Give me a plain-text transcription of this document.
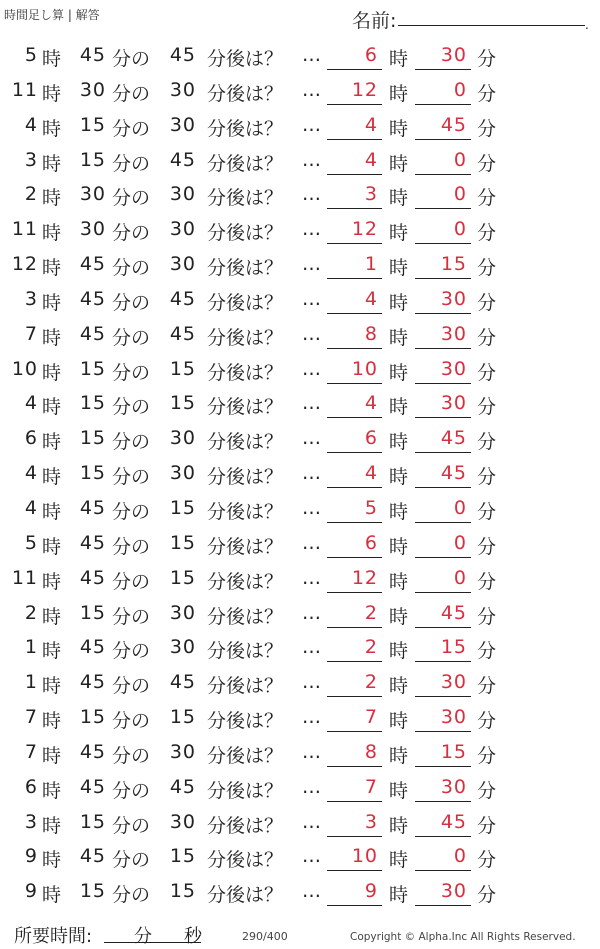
時間足し算 | 解答	名前:	.
5 時 45 分の	45 分後は？ …	6 時	30 分
11 時 30 分の	30 分後は？ …	12 時	0 分
4 時 15 分の	30 分後は？ …	4 時	45 分
3 時 15 分の	45 分後は？ …	4 時	0 分
2 時 30 分の	30 分後は？ …	3 時	0 分
11 時 30 分の	30 分後は？ …	12 時	0 分
12 時 45 分の	30 分後は？ …	1 時	15 分
3 時 45 分の	45 分後は？ …	4 時	30 分
7 時 45 分の	45 分後は？ …	8 時	30 分
10 時 15 分の	15 分後は？ …	10 時	30 分
4 時 15 分の	15 分後は？ …	4 時	30 分
6 時 15 分の	30 分後は？ …	6 時	45 分
4 時 15 分の	30 分後は？ …	4 時	45 分
4 時 45 分の	15 分後は？ …	5 時	0 分
5 時 45 分の	15 分後は？ …	6 時	0 分
11 時 45 分の	15 分後は？ …	12 時	0 分
2 時 15 分の	30 分後は？ …	2 時	45 分
1 時 45 分の	30 分後は？ …	2 時	15 分
1 時 45 分の	45 分後は？ …	2 時	30 分
7 時 15 分の	15 分後は？ …	7 時	30 分
7 時 45 分の	30 分後は？ …	8 時	15 分
6 時 45 分の	45 分後は？ …	7 時	30 分
3 時 15 分の	30 分後は？ …	3 時	45 分
9 時 45 分の	15 分後は？ …	10 時	0 分
9 時 15 分の	15 分後は？ …	9 時	30 分
所要時間: 分 秒	290/400	Copyright © Alpha.Inc All Rights Reserved.
